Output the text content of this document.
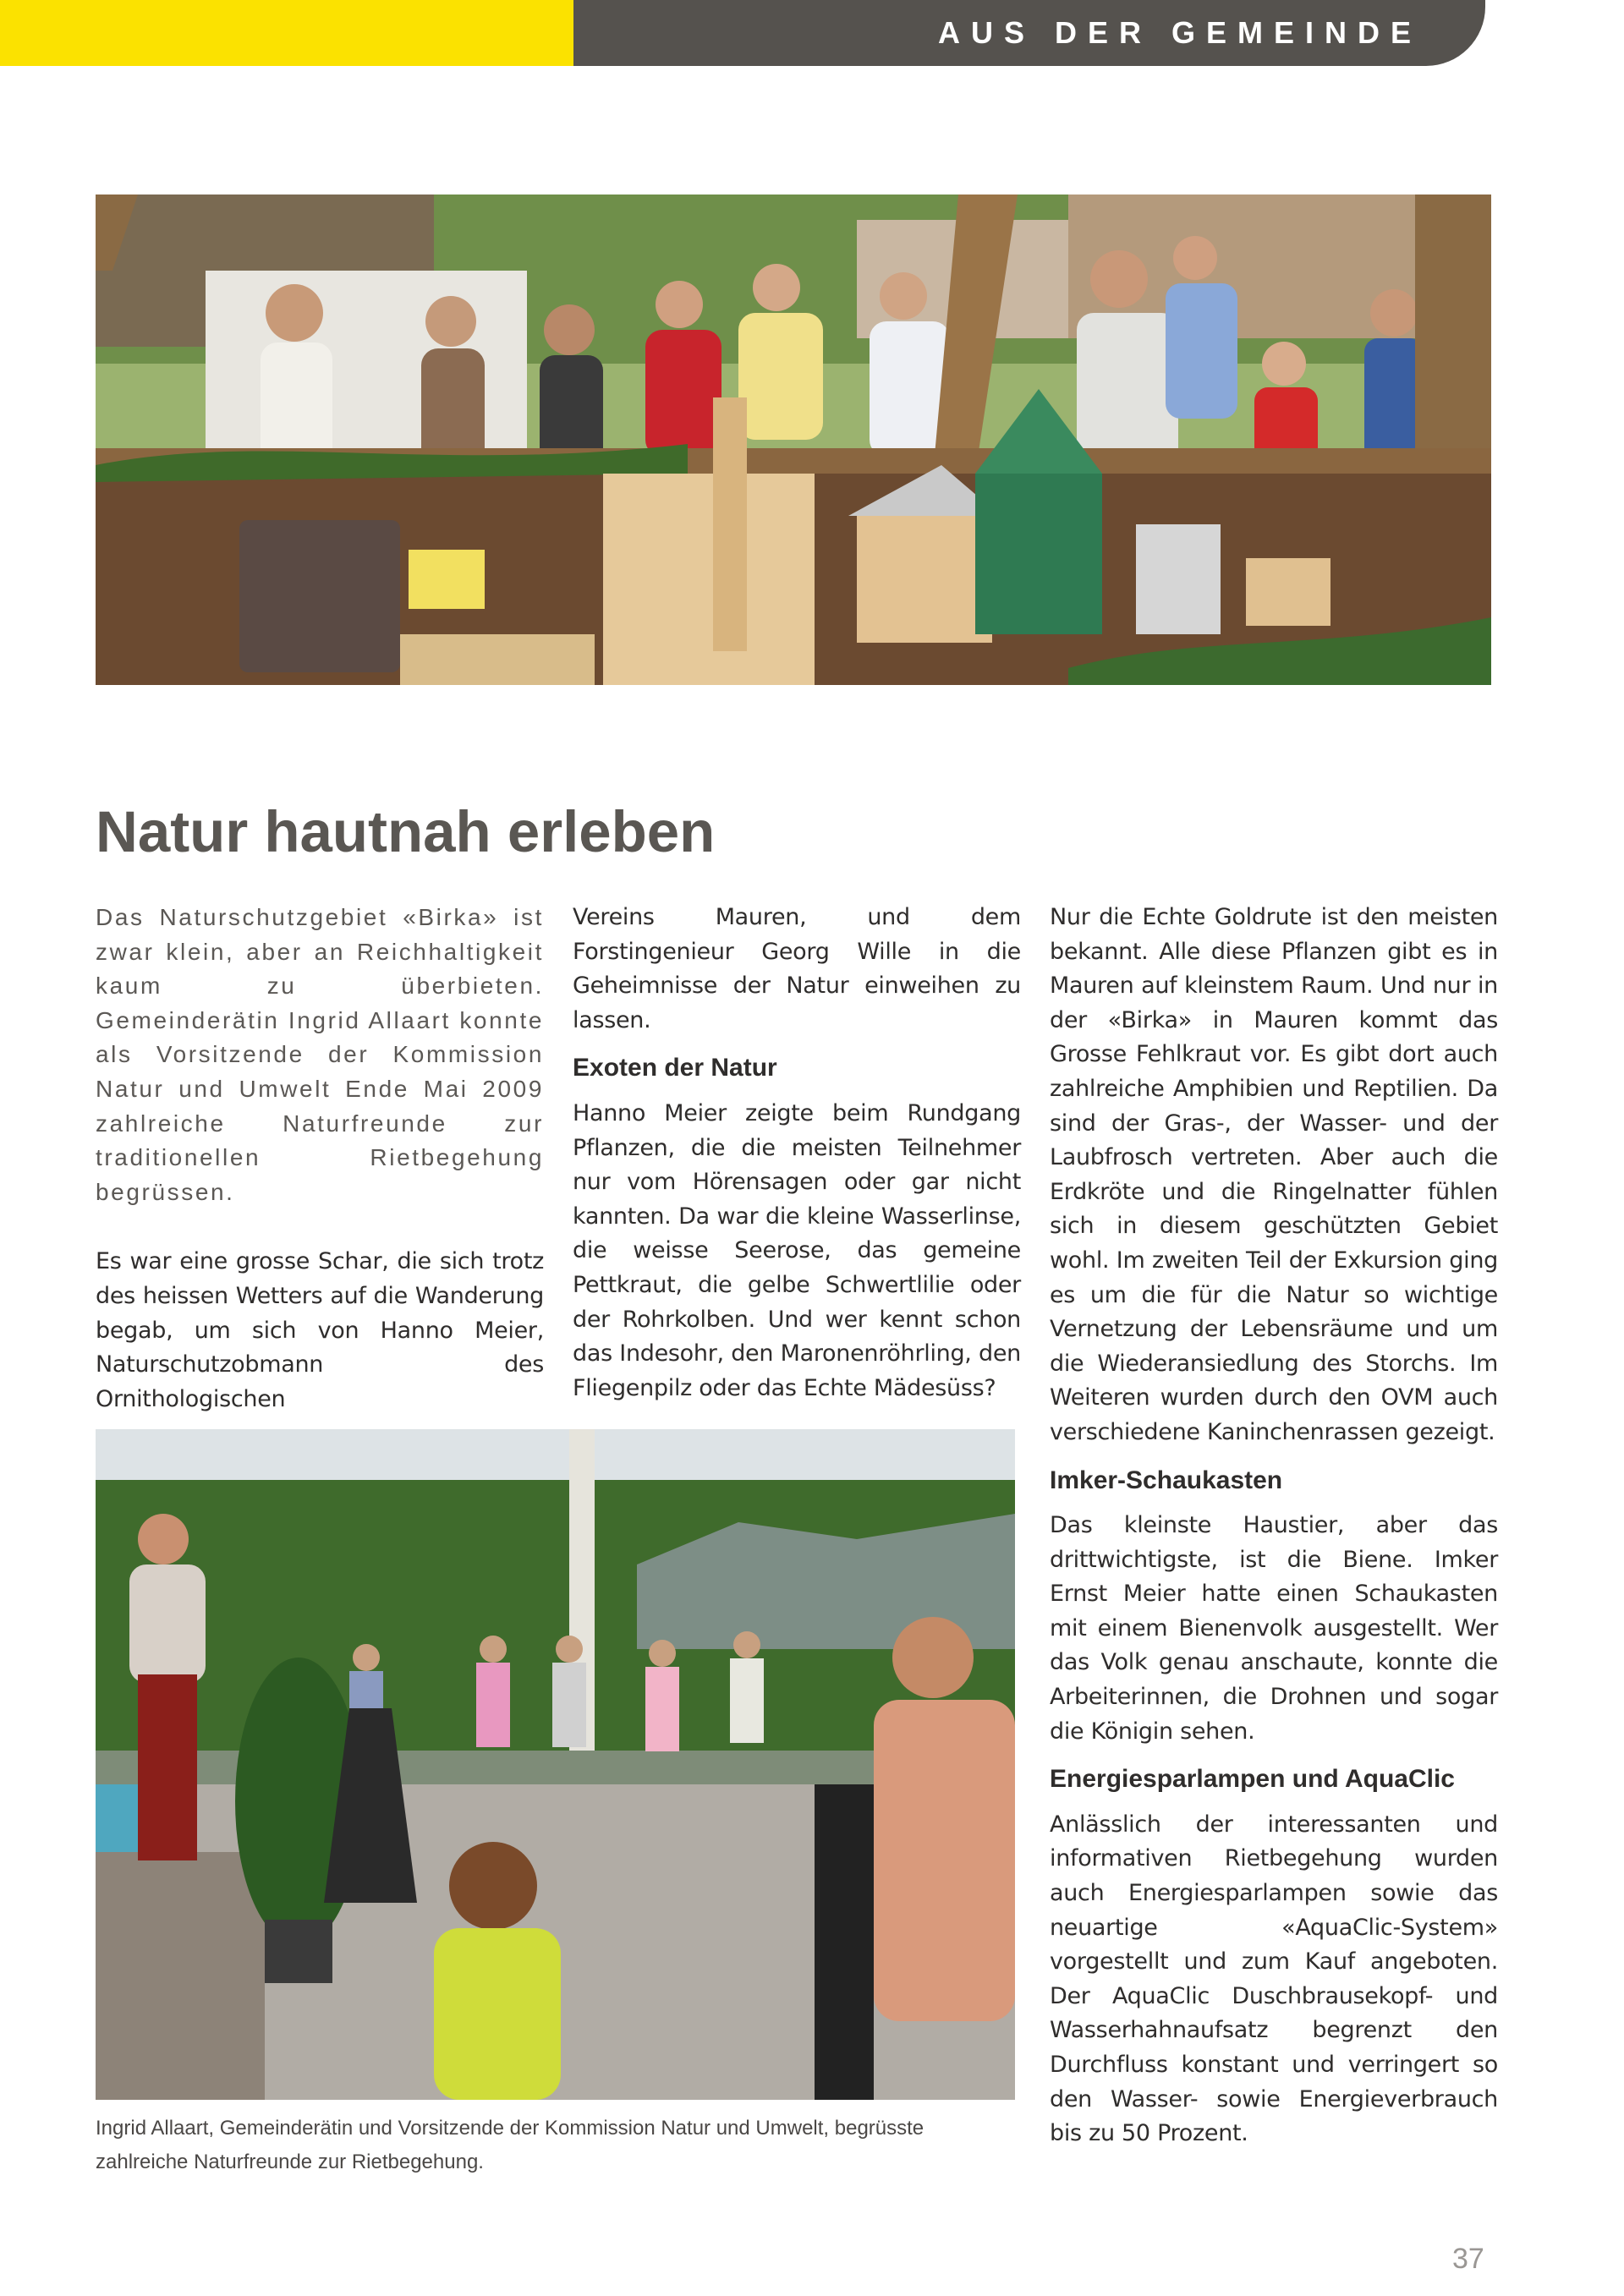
AUS DER GEMEINDE
Natur hautnah erleben

Das Naturschutzgebiet «Birka» ist zwar klein, aber an Reichhaltigkeit kaum zu überbieten. Gemeinderätin Ingrid Allaart konnte als Vorsitzende der Kommission Natur und Umwelt Ende Mai 2009 zahlreiche Naturfreunde zur traditionellen Rietbegehung begrüssen.

Es war eine grosse Schar, die sich trotz des heissen Wetters auf die Wanderung begab, um sich von Hanno Meier, Naturschutzobmann des Ornithologischen

Vereins Mauren, und dem Forstingenieur Georg Wille in die Geheimnisse der Natur einweihen zu lassen.

Exoten der Natur

Hanno Meier zeigte beim Rundgang Pflanzen, die die meisten Teilnehmer nur vom Hörensagen oder gar nicht kannten. Da war die kleine Wasserlinse, die weisse Seerose, das gemeine Pettkraut, die gelbe Schwertlilie oder der Rohrkolben. Und wer kennt schon das Indesohr, den Maronenröhrling, den Fliegenpilz oder das Echte Mädesüss?

Nur die Echte Goldrute ist den meisten bekannt. Alle diese Pflanzen gibt es in Mauren auf kleinstem Raum. Und nur in der «Birka» in Mauren kommt das Grosse Fehlkraut vor. Es gibt dort auch zahlreiche Amphibien und Reptilien. Da sind der Gras-, der Wasser- und der Laubfrosch vertreten. Aber auch die Erdkröte und die Ringelnatter fühlen sich in diesem geschützten Gebiet wohl. Im zweiten Teil der Exkursion ging es um die für die Natur so wichtige Vernetzung der Lebensräume und um die Wiederansiedlung des Storchs. Im Weiteren wurden durch den OVM auch verschiedene Kaninchenrassen gezeigt.

Imker-Schaukasten

Das kleinste Haustier, aber das drittwichtigste, ist die Biene. Imker Ernst Meier hatte einen Schaukasten mit einem Bienenvolk ausgestellt. Wer das Volk genau anschaute, konnte die Arbeiterinnen, die Drohnen und sogar die Königin sehen.

Energiesparlampen und AquaClic

Anlässlich der interessanten und informativen Rietbegehung wurden auch Energiesparlampen sowie das neuartige «AquaClic-System» vorgestellt und zum Kauf angeboten. Der AquaClic Duschbrausekopf- und Wasserhahnaufsatz begrenzt den Durchfluss konstant und verringert so den Wasser- sowie Energieverbrauch bis zu 50 Prozent.

Ingrid Allaart, Gemeinderätin und Vorsitzende der Kommission Natur und Umwelt, begrüsste zahlreiche Naturfreunde zur Rietbegehung.
37
